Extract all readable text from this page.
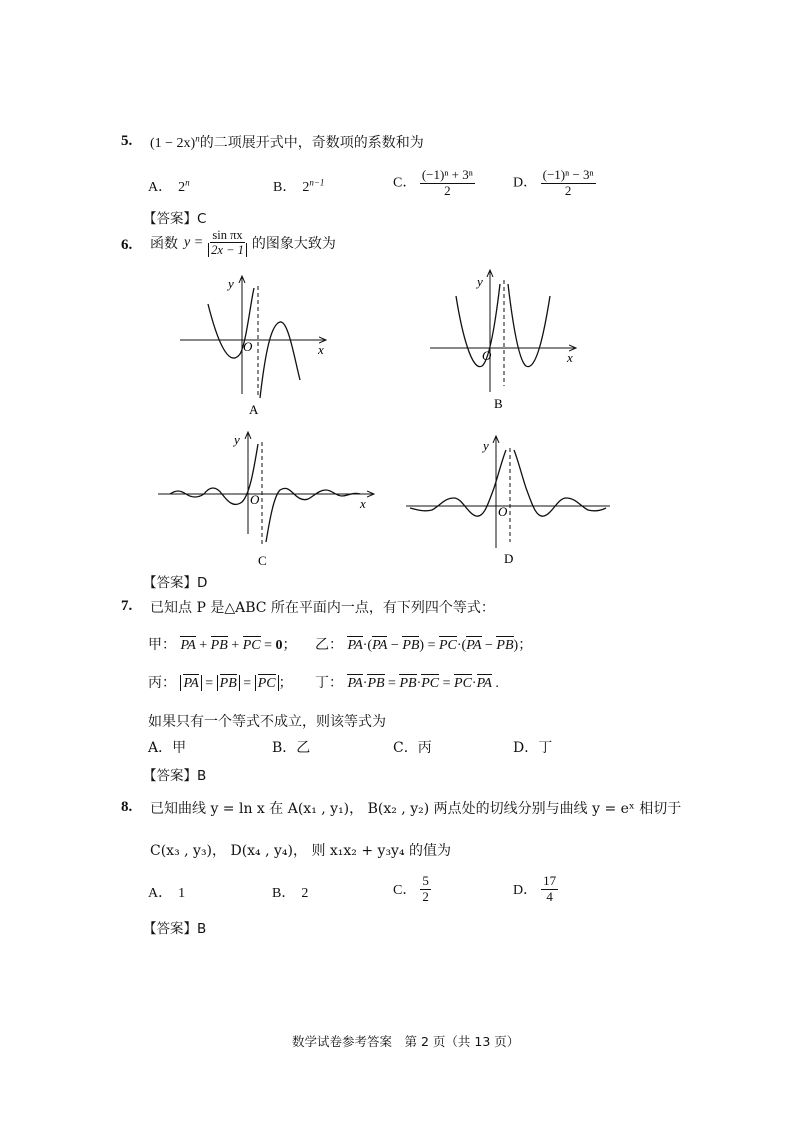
5. $(1 - 2x)^n$的二项展开式中，奇数项的系数和为
A． 2$^n$	B． $2^{n-1}$	C． $\frac{\text{(−1)ⁿ + 3ⁿ}}{2}$	D． $\frac{\text{(−1)ⁿ − 3ⁿ}}{2}$
【答案】C
6. 函数 $y = \frac{\text{sin πx}}{2x - 1}$ 的图象大致为
y
x
O
A
y
x
O
B
y
x
O
C
y
O
D
【答案】D
7. 已知点 P 是△ABC 所在平面内一点，有下列四个等式：
甲： PA + PB + PC = 0； 乙： PA·(PA − PB) = PC·(PA − PB)；
丙： PA = PB = PC ； 丁： PA·PB = PB·PC = PC·PA .
如果只有一个等式不成立，则该等式为
A．甲	B．乙	C．丙	D．丁
【答案】B
8. 已知曲线 y = ln x 在 A(x₁ , y₁)， B(x₂ , y₂) 两点处的切线分别与曲线 y = eˣ 相切于
C(x₃ , y₃)， D(x₄ , y₄)， 则 x₁x₂ + y₃y₄ 的值为
A． 1	B． 2	C． $\frac{5}{2}$	D． $\frac{17}{4}$
【答案】B
数学试卷参考答案　第 2 页（共 13 页）
